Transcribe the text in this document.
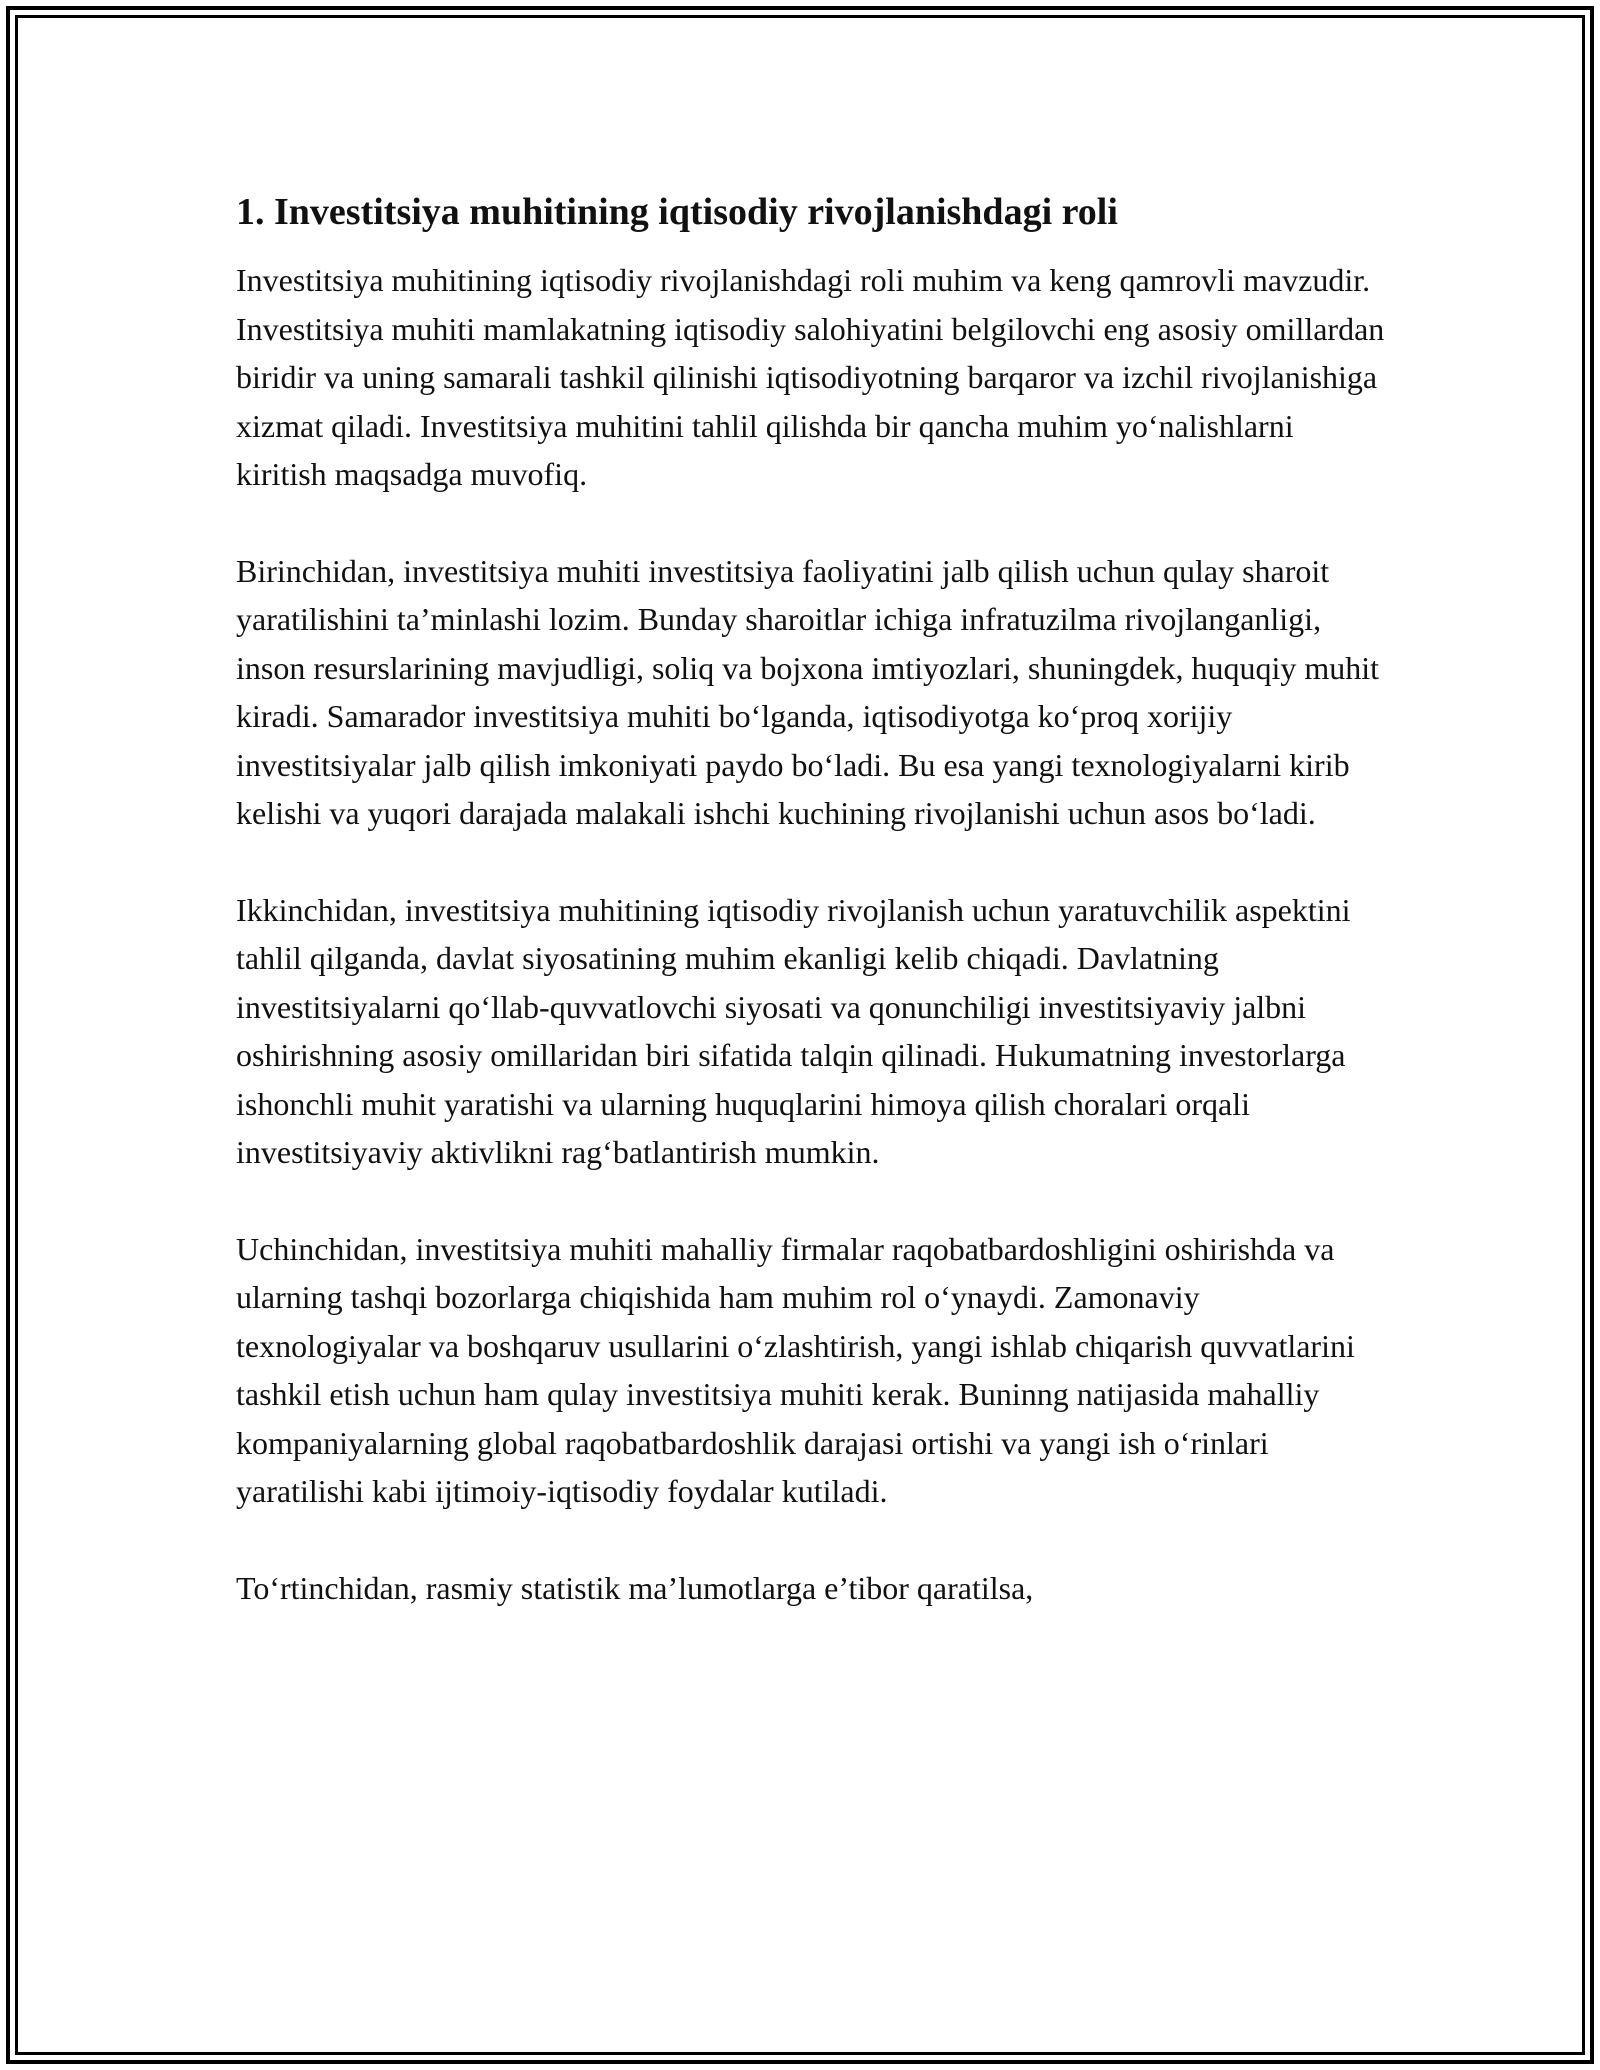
1. Investitsiya muhitining iqtisodiy rivojlanishdagi roli

Investitsiya muhitining iqtisodiy rivojlanishdagi roli muhim va keng qamrovli mavzudir. Investitsiya muhiti mamlakatning iqtisodiy salohiyatini belgilovchi eng asosiy omillardan biridir va uning samarali tashkil qilinishi iqtisodiyotning barqaror va izchil rivojlanishiga xizmat qiladi. Investitsiya muhitini tahlil qilishda bir qancha muhim yo‘nalishlarni kiritish maqsadga muvofiq.

Birinchidan, investitsiya muhiti investitsiya faoliyatini jalb qilish uchun qulay sharoit yaratilishini ta’minlashi lozim. Bunday sharoitlar ichiga infratuzilma rivojlanganligi, inson resurslarining mavjudligi, soliq va bojxona imtiyozlari, shuningdek, huquqiy muhit kiradi. Samarador investitsiya muhiti bo‘lganda, iqtisodiyotga ko‘proq xorijiy investitsiyalar jalb qilish imkoniyati paydo bo‘ladi. Bu esa yangi texnologiyalarni kirib kelishi va yuqori darajada malakali ishchi kuchining rivojlanishi uchun asos bo‘ladi.

Ikkinchidan, investitsiya muhitining iqtisodiy rivojlanish uchun yaratuvchilik aspektini tahlil qilganda, davlat siyosatining muhim ekanligi kelib chiqadi. Davlatning investitsiyalarni qo‘llab-quvvatlovchi siyosati va qonunchiligi investitsiyaviy jalbni oshirishning asosiy omillaridan biri sifatida talqin qilinadi. Hukumatning investorlarga ishonchli muhit yaratishi va ularning huquqlarini himoya qilish choralari orqali investitsiyaviy aktivlikni rag‘batlantirish mumkin.

Uchinchidan, investitsiya muhiti mahalliy firmalar raqobatbardoshligini oshirishda va ularning tashqi bozorlarga chiqishida ham muhim rol o‘ynaydi. Zamonaviy texnologiyalar va boshqaruv usullarini o‘zlashtirish, yangi ishlab chiqarish quvvatlarini tashkil etish uchun ham qulay investitsiya muhiti kerak. Buninng natijasida mahalliy kompaniyalarning global raqobatbardoshlik darajasi ortishi va yangi ish o‘rinlari yaratilishi kabi ijtimoiy-iqtisodiy foydalar kutiladi.

To‘rtinchidan, rasmiy statistik ma’lumotlarga e’tibor qaratilsa,
